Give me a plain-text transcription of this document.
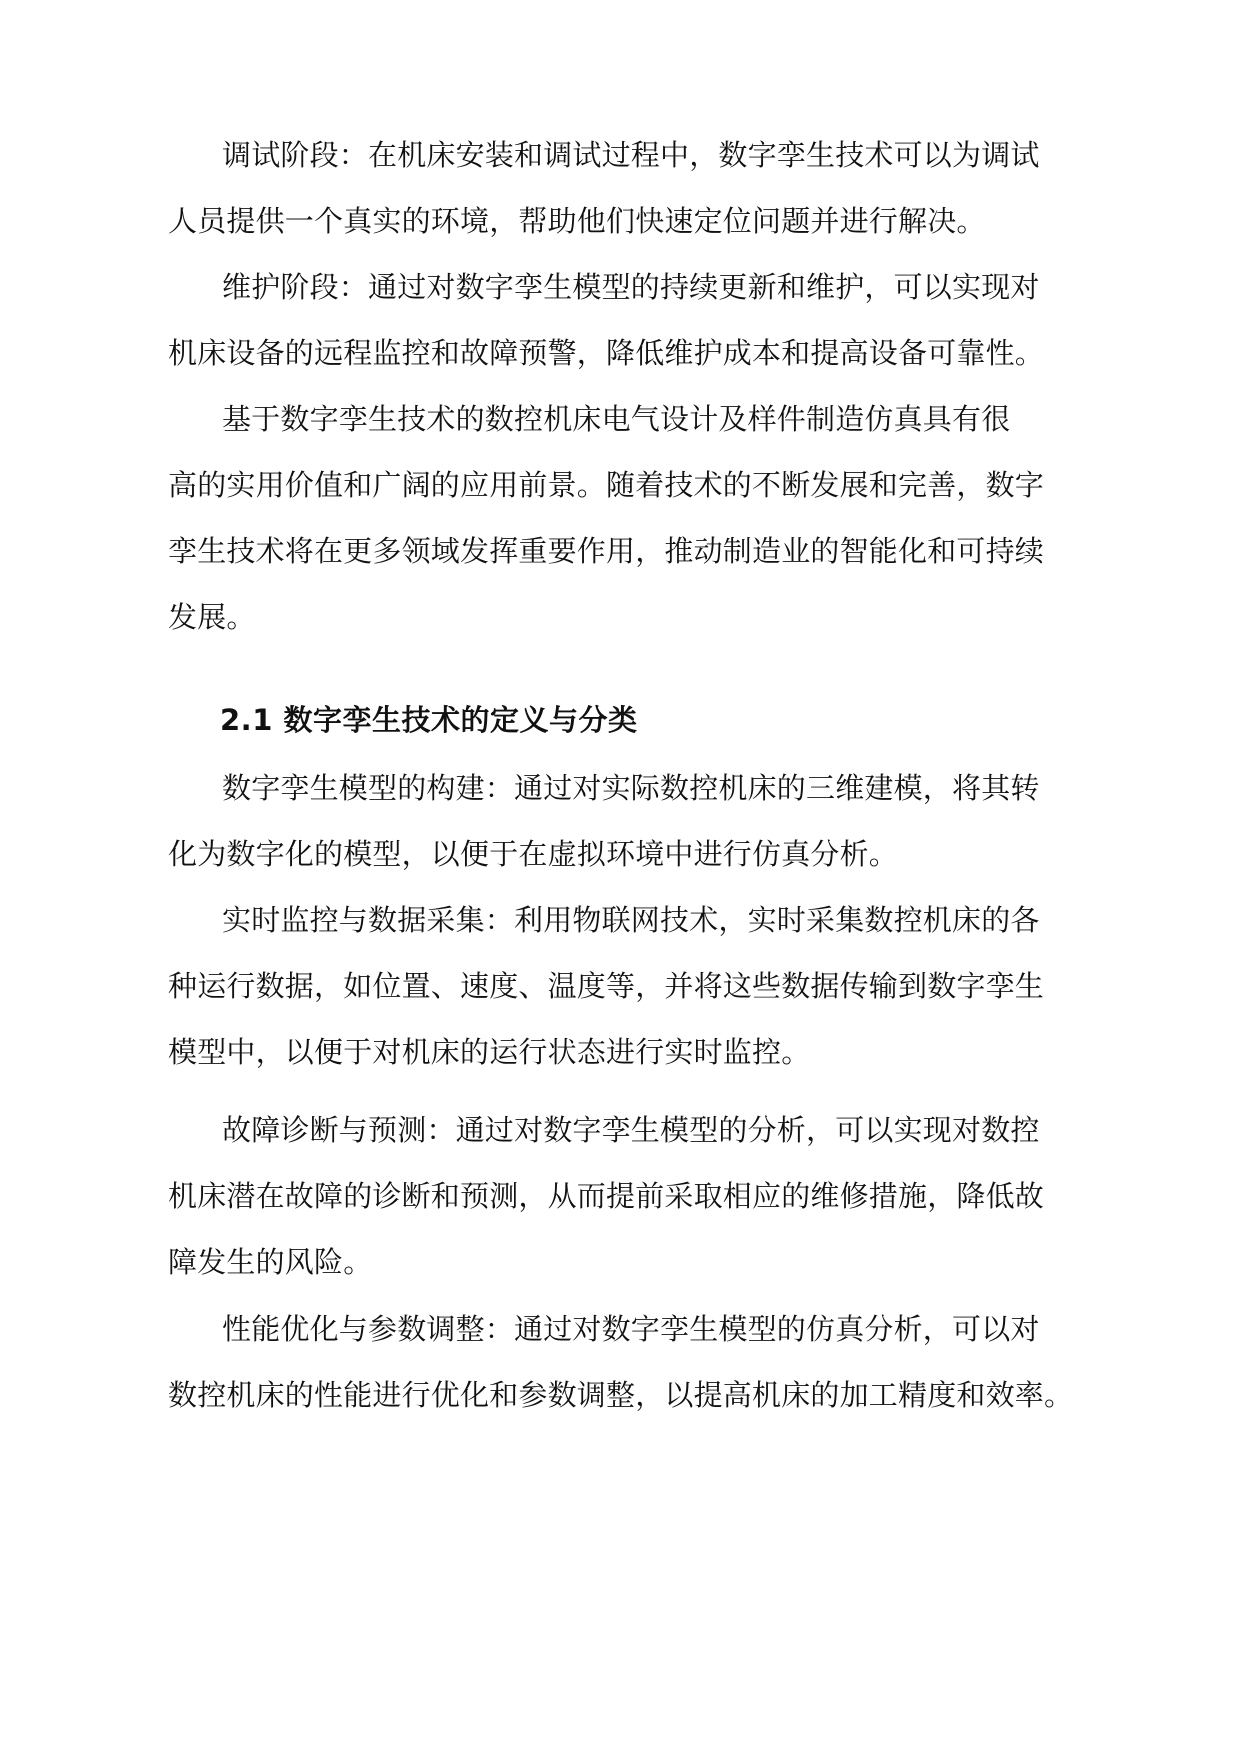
调试阶段：在机床安装和调试过程中，数字孪生技术可以为调试

人员提供一个真实的环境，帮助他们快速定位问题并进行解决。

维护阶段：通过对数字孪生模型的持续更新和维护，可以实现对

机床设备的远程监控和故障预警，降低维护成本和提高设备可靠性。

基于数字孪生技术的数控机床电气设计及样件制造仿真具有很

高的实用价值和广阔的应用前景。随着技术的不断发展和完善，数字

孪生技术将在更多领域发挥重要作用，推动制造业的智能化和可持续

发展。

2.1 数字孪生技术的定义与分类

数字孪生模型的构建：通过对实际数控机床的三维建模，将其转

化为数字化的模型，以便于在虚拟环境中进行仿真分析。

实时监控与数据采集：利用物联网技术，实时采集数控机床的各

种运行数据，如位置、速度、温度等，并将这些数据传输到数字孪生

模型中，以便于对机床的运行状态进行实时监控。

故障诊断与预测：通过对数字孪生模型的分析，可以实现对数控

机床潜在故障的诊断和预测，从而提前采取相应的维修措施，降低故

障发生的风险。

性能优化与参数调整：通过对数字孪生模型的仿真分析，可以对

数控机床的性能进行优化和参数调整，以提高机床的加工精度和效率。
